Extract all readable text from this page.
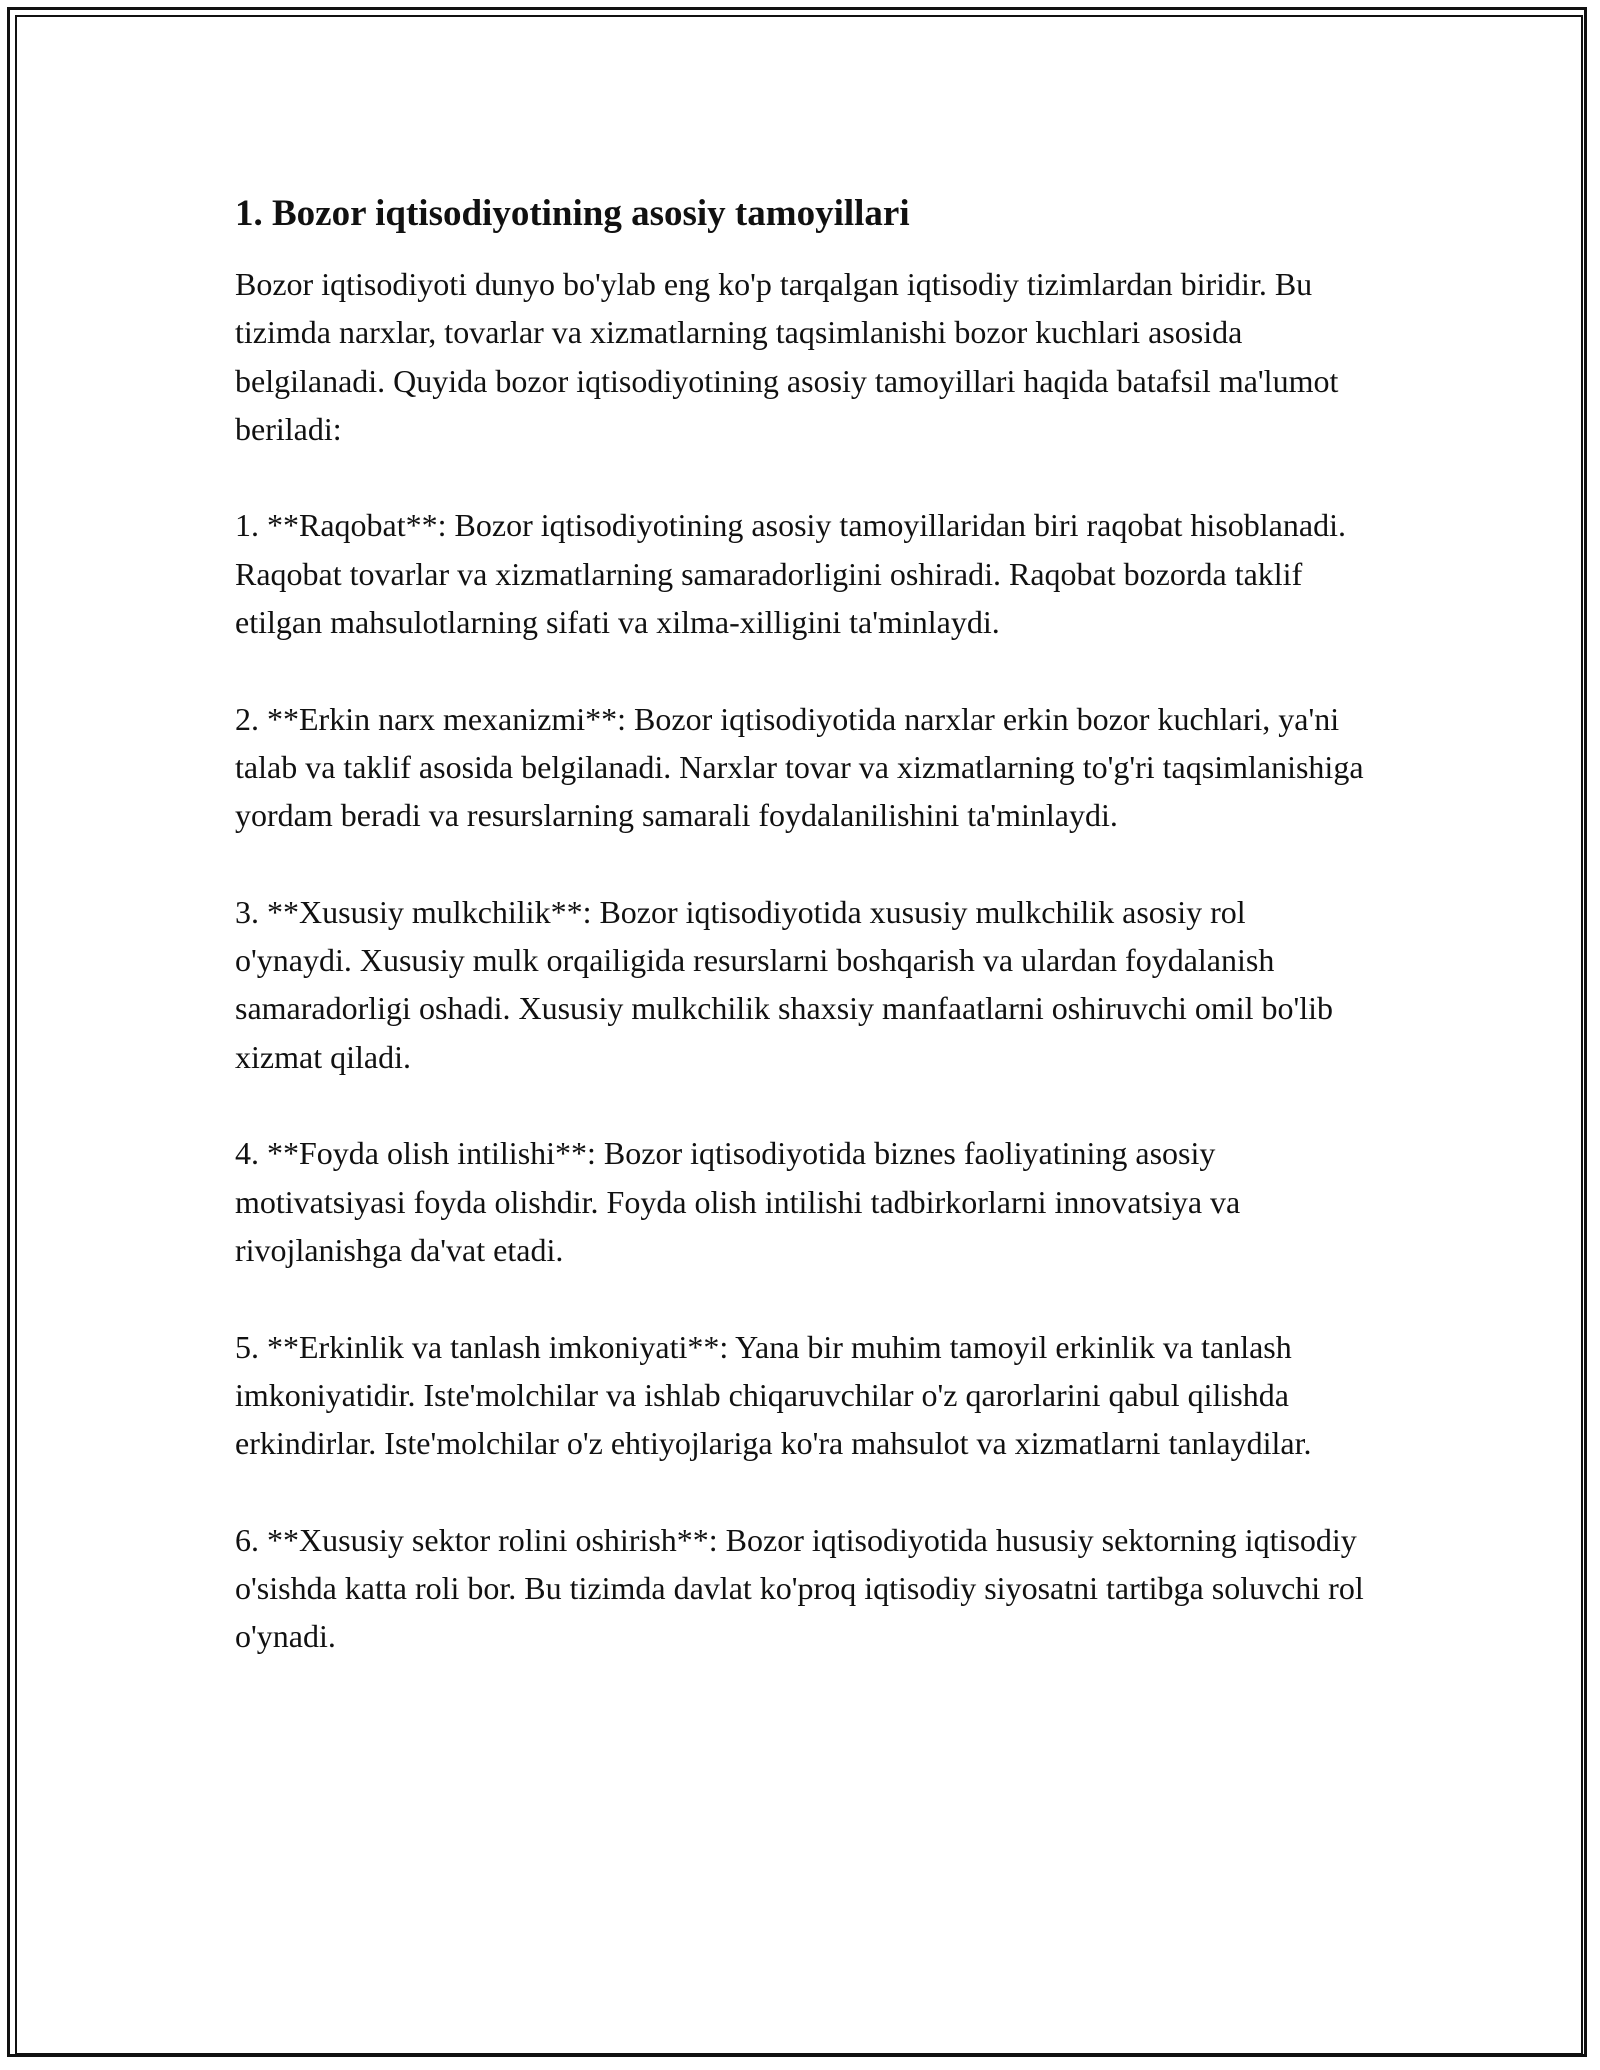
1. Bozor iqtisodiyotining asosiy tamoyillari

Bozor iqtisodiyoti dunyo bo'ylab eng ko'p tarqalgan iqtisodiy tizimlardan biridir. Bu tizimda narxlar, tovarlar va xizmatlarning taqsimlanishi bozor kuchlari asosida belgilanadi. Quyida bozor iqtisodiyotining asosiy tamoyillari haqida batafsil ma'lumot beriladi:

1. **Raqobat**: Bozor iqtisodiyotining asosiy tamoyillaridan biri raqobat hisoblanadi. Raqobat tovarlar va xizmatlarning samaradorligini oshiradi. Raqobat bozorda taklif etilgan mahsulotlarning sifati va xilma-xilligini ta'minlaydi.

2. **Erkin narx mexanizmi**: Bozor iqtisodiyotida narxlar erkin bozor kuchlari, ya'ni talab va taklif asosida belgilanadi. Narxlar tovar va xizmatlarning to'g'ri taqsimlanishiga yordam beradi va resurslarning samarali foydalanilishini ta'minlaydi.

3. **Xususiy mulkchilik**: Bozor iqtisodiyotida xususiy mulkchilik asosiy rol o'ynaydi. Xususiy mulk orqailigida resurslarni boshqarish va ulardan foydalanish samaradorligi oshadi. Xususiy mulkchilik shaxsiy manfaatlarni oshiruvchi omil bo'lib xizmat qiladi.

4. **Foyda olish intilishi**: Bozor iqtisodiyotida biznes faoliyatining asosiy motivatsiyasi foyda olishdir. Foyda olish intilishi tadbirkorlarni innovatsiya va rivojlanishga da'vat etadi.

5. **Erkinlik va tanlash imkoniyati**: Yana bir muhim tamoyil erkinlik va tanlash imkoniyatidir. Iste'molchilar va ishlab chiqaruvchilar o'z qarorlarini qabul qilishda erkindirlar. Iste'molchilar o'z ehtiyojlariga ko'ra mahsulot va xizmatlarni tanlaydilar.

6. **Xususiy sektor rolini oshirish**: Bozor iqtisodiyotida hususiy sektorning iqtisodiy o'sishda katta roli bor. Bu tizimda davlat ko'proq iqtisodiy siyosatni tartibga soluvchi rol o'ynadi.
